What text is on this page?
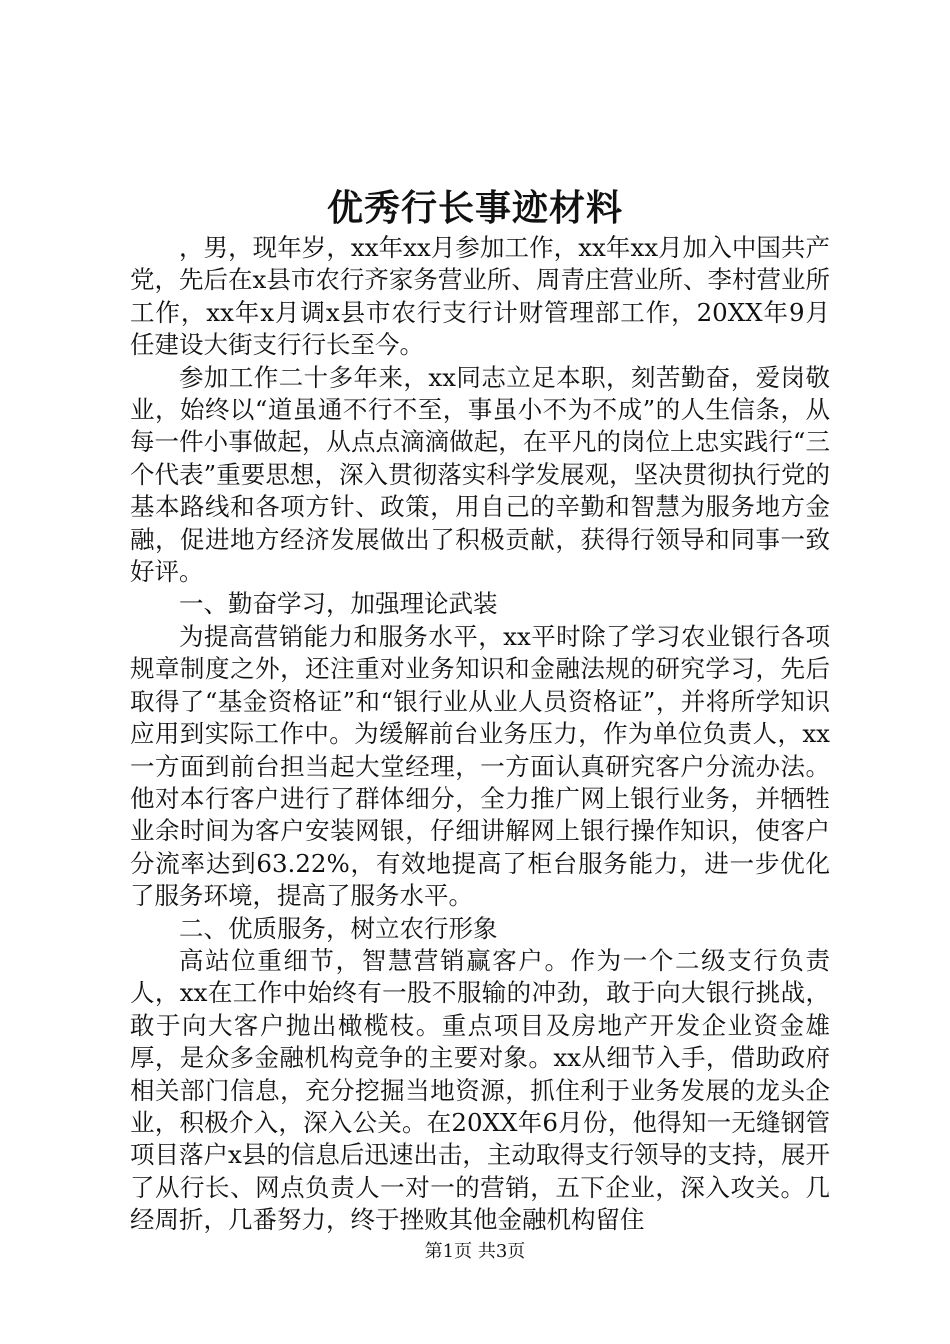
优秀行长事迹材料

，男，现年岁，xx年xx月参加工作，xx年xx月加入中国共产党，先后在x县市农行齐家务营业所、周青庄营业所、李村营业所工作，xx年x月调x县市农行支行计财管理部工作，20XX年9月任建设大街支行行长至今。

参加工作二十多年来，xx同志立足本职，刻苦勤奋，爱岗敬业，始终以“道虽通不行不至，事虽小不为不成”的人生信条，从每一件小事做起，从点点滴滴做起，在平凡的岗位上忠实践行“三个代表”重要思想，深入贯彻落实科学发展观，坚决贯彻执行党的基本路线和各项方针、政策，用自己的辛勤和智慧为服务地方金融，促进地方经济发展做出了积极贡献，获得行领导和同事一致好评。

一、勤奋学习，加强理论武装

为提高营销能力和服务水平，xx平时除了学习农业银行各项规章制度之外，还注重对业务知识和金融法规的研究学习，先后取得了“基金资格证”和“银行业从业人员资格证”，并将所学知识应用到实际工作中。为缓解前台业务压力，作为单位负责人，xx一方面到前台担当起大堂经理，一方面认真研究客户分流办法。他对本行客户进行了群体细分，全力推广网上银行业务，并牺牲业余时间为客户安装网银，仔细讲解网上银行操作知识，使客户分流率达到63.22%，有效地提高了柜台服务能力，进一步优化了服务环境，提高了服务水平。

二、优质服务，树立农行形象

高站位重细节，智慧营销赢客户。作为一个二级支行负责人，xx在工作中始终有一股不服输的冲劲，敢于向大银行挑战，敢于向大客户抛出橄榄枝。重点项目及房地产开发企业资金雄厚，是众多金融机构竞争的主要对象。xx从细节入手，借助政府相关部门信息，充分挖掘当地资源，抓住利于业务发展的龙头企业，积极介入，深入公关。在20XX年6月份，他得知一无缝钢管项目落户x县的信息后迅速出击，主动取得支行领导的支持，展开了从行长、网点负责人一对一的营销，五下企业，深入攻关。几经周折，几番努力，终于挫败其他金融机构留住

第1页 共3页
